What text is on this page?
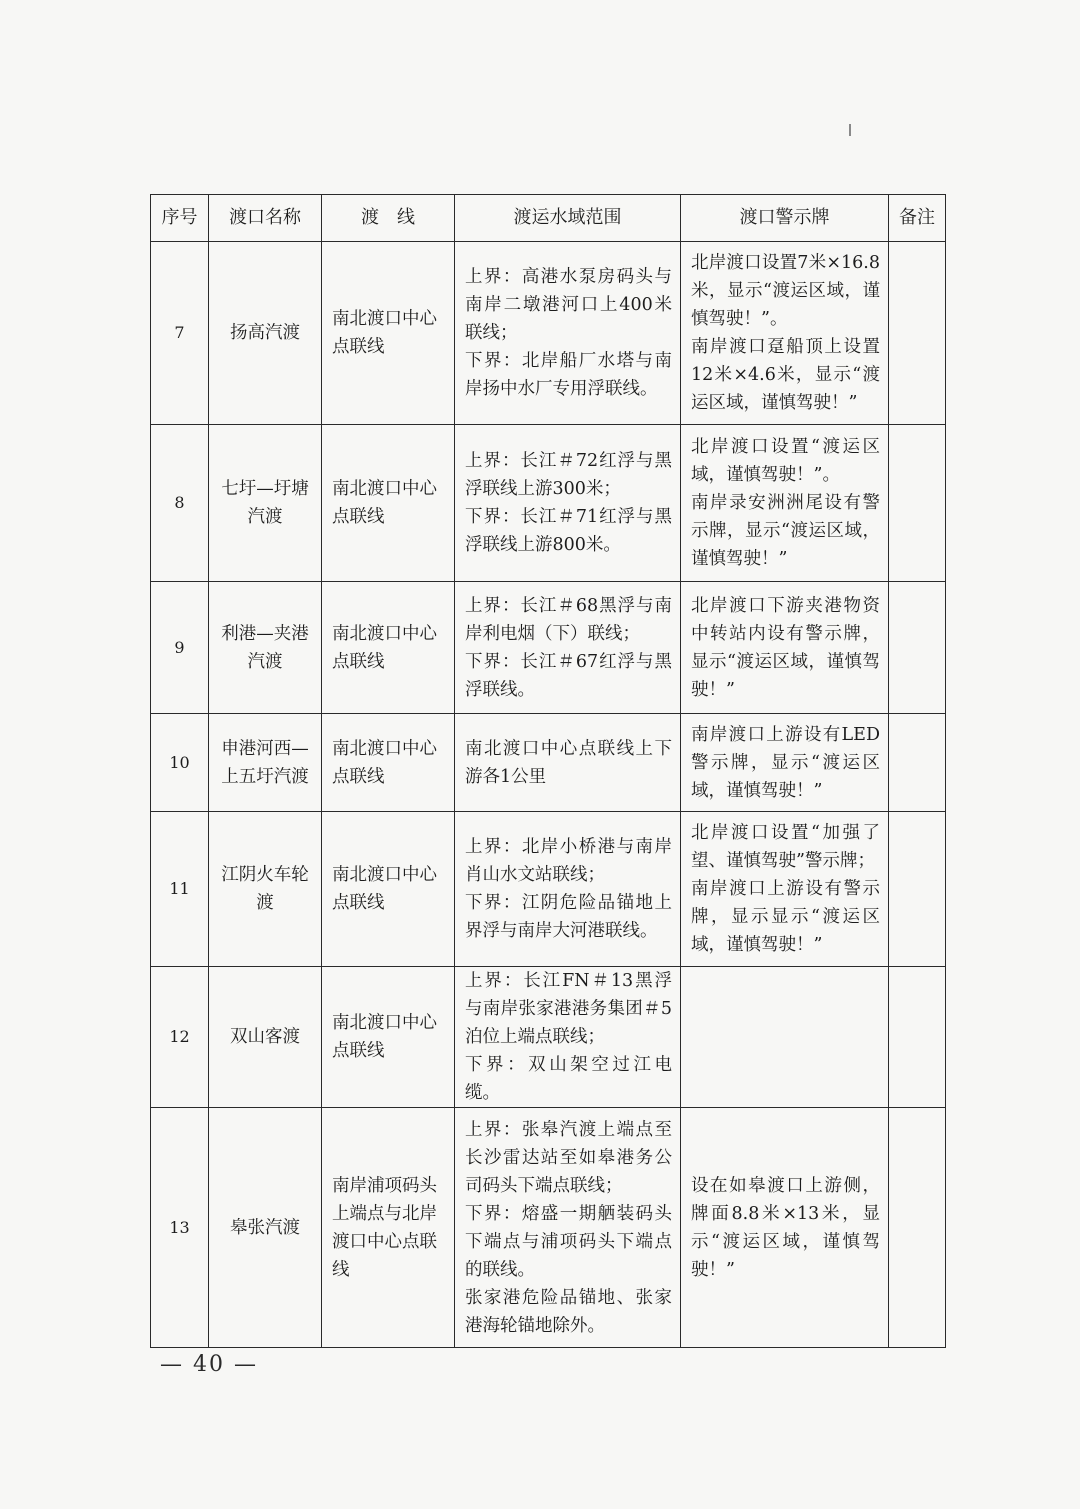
序号	渡口名称	渡　线	渡运水域范围	渡口警示牌	备注
7	扬高汽渡	南北渡口中心点联线	上界：高港水泵房码头与南岸二墩港河口上400米联线；
下界：北岸船厂水塔与南岸扬中水厂专用浮联线。	北岸渡口设置7米×16.8米，显示“渡运区域，谨慎驾驶！”。
南岸渡口趸船顶上设置12米×4.6米，显示“渡运区域，谨慎驾驶！”	
8	七圩—圩塘汽渡	南北渡口中心点联线	上界：长江＃72红浮与黑浮联线上游300米；
下界：长江＃71红浮与黑浮联线上游800米。	北岸渡口设置“渡运区域，谨慎驾驶！”。
南岸录安洲洲尾设有警示牌，显示“渡运区域，谨慎驾驶！”	
9	利港—夹港汽渡	南北渡口中心点联线	上界：长江＃68黑浮与南岸利电烟（下）联线；
下界：长江＃67红浮与黑浮联线。	北岸渡口下游夹港物资中转站内设有警示牌，显示“渡运区域，谨慎驾驶！”	
10	申港河西—上五圩汽渡	南北渡口中心点联线	南北渡口中心点联线上下游各1公里	南岸渡口上游设有LED警示牌，显示“渡运区域，谨慎驾驶！”	
11	江阴火车轮渡	南北渡口中心点联线	上界：北岸小桥港与南岸肖山水文站联线；
下界：江阴危险品锚地上界浮与南岸大河港联线。	北岸渡口设置“加强了望、谨慎驾驶”警示牌；
南岸渡口上游设有警示牌，显示显示“渡运区域，谨慎驾驶！”	
12	双山客渡	南北渡口中心点联线	上界：长江FN＃13黑浮与南岸张家港港务集团＃5泊位上端点联线；
下界：双山架空过江电缆。		
13	皋张汽渡	南岸浦项码头上端点与北岸渡口中心点联线	上界：张皋汽渡上端点至长沙雷达站至如皋港务公司码头下端点联线；
下界：熔盛一期舾装码头下端点与浦项码头下端点的联线。
张家港危险品锚地、张家港海轮锚地除外。	设在如皋渡口上游侧，牌面8.8米×13米，显示“渡运区域，谨慎驾驶！”	
— 40 —
